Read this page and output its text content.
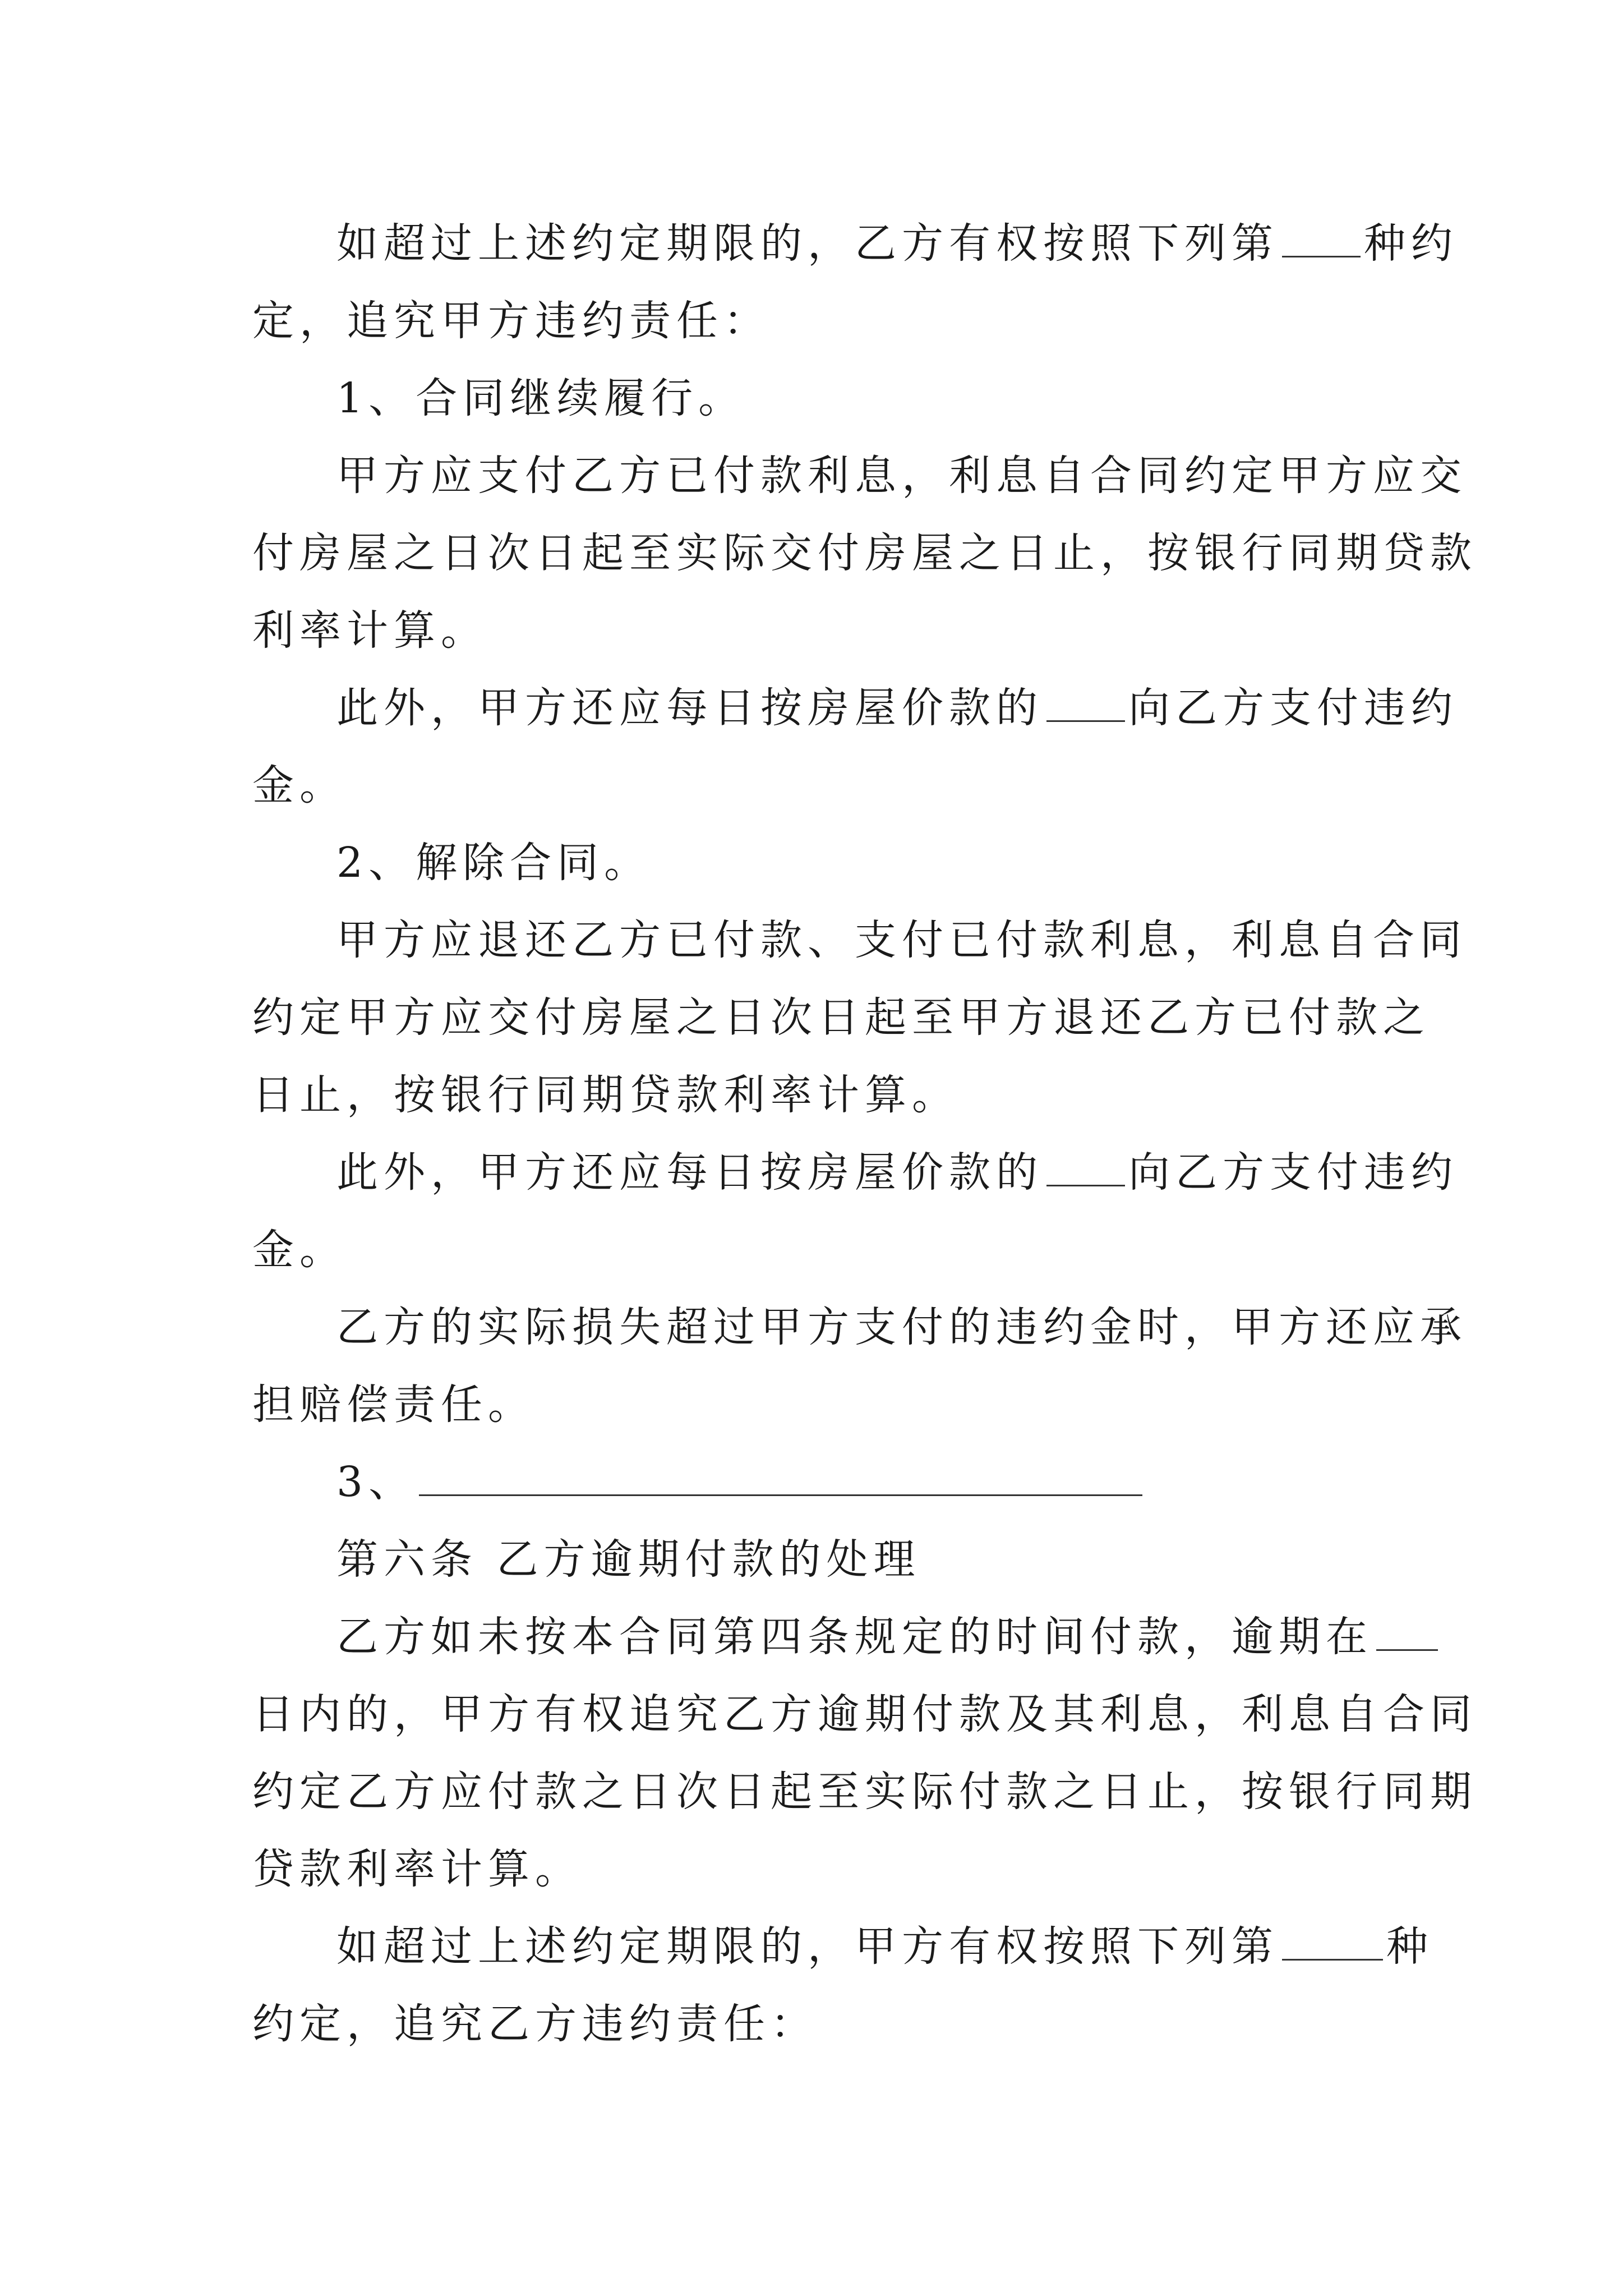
如超过上述约定期限的，乙方有权按照下列第 种约

定，追究甲方违约责任：

1、合同继续履行。

甲方应支付乙方已付款利息，利息自合同约定甲方应交

付房屋之日次日起至实际交付房屋之日止，按银行同期贷款

利率计算。

此外，甲方还应每日按房屋价款的 向乙方支付违约

金。

2、解除合同。

甲方应退还乙方已付款、支付已付款利息，利息自合同

约定甲方应交付房屋之日次日起至甲方退还乙方已付款之

日止，按银行同期贷款利率计算。

此外，甲方还应每日按房屋价款的 向乙方支付违约

金。

乙方的实际损失超过甲方支付的违约金时，甲方还应承

担赔偿责任。

3、

第六条 乙方逾期付款的处理

乙方如未按本合同第四条规定的时间付款，逾期在

日内的，甲方有权追究乙方逾期付款及其利息，利息自合同

约定乙方应付款之日次日起至实际付款之日止，按银行同期

贷款利率计算。

如超过上述约定期限的，甲方有权按照下列第	种

约定，追究乙方违约责任：
